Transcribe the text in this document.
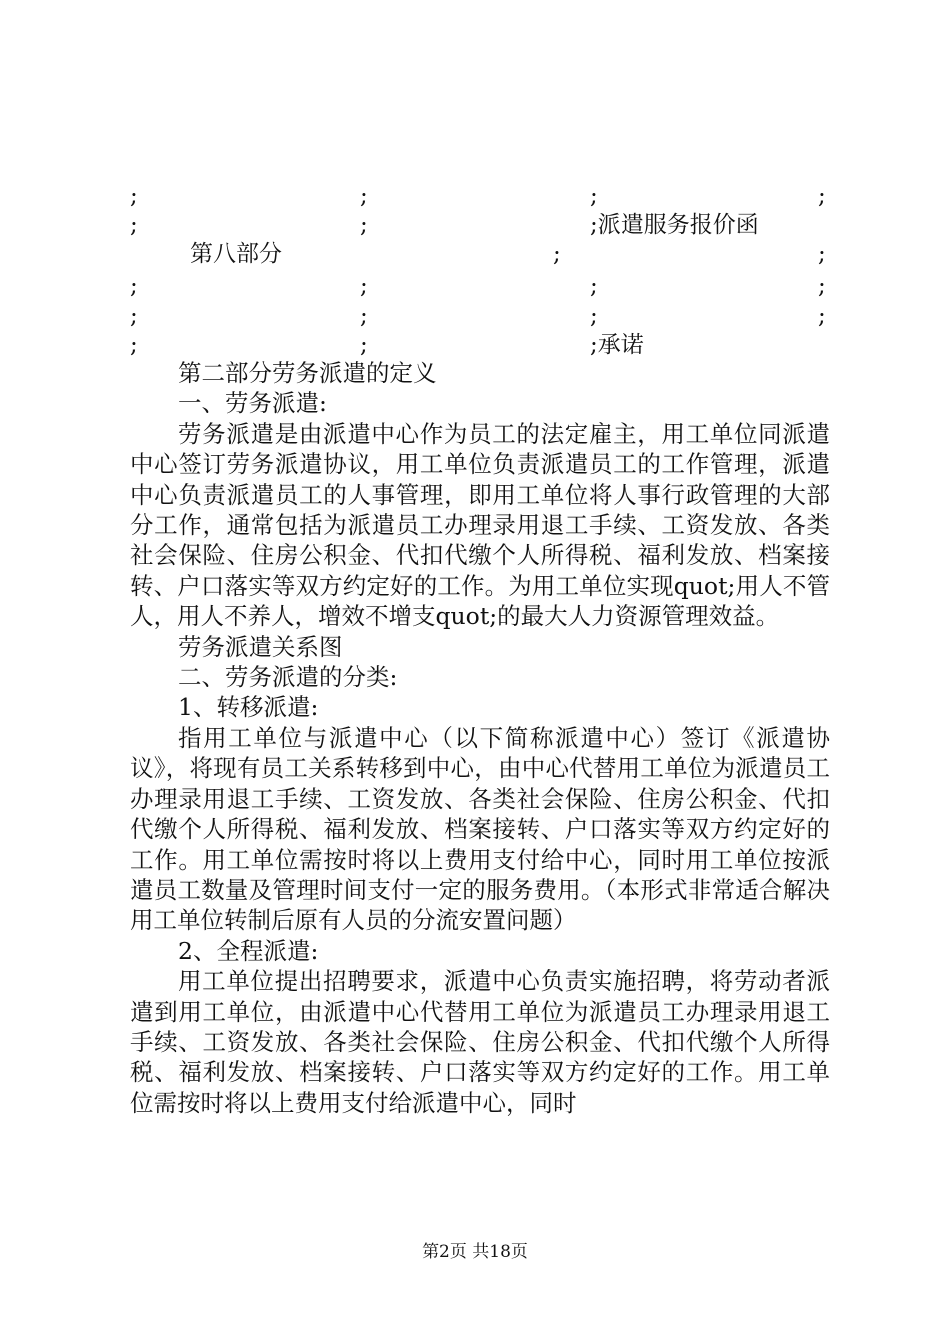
;	;	;	;
;	;	;派遣服务报价函
第八部分	;	;
;	;	;	;
;	;	;	;
;	;	;承诺

第二部分劳务派遣的定义

一、劳务派遣:

劳务派遣是由派遣中心作为员工的法定雇主，用工单位同派遣中心签订劳务派遣协议，用工单位负责派遣员工的工作管理，派遣中心负责派遣员工的人事管理，即用工单位将人事行政管理的大部分工作，通常包括为派遣员工办理录用退工手续、工资发放、各类社会保险、住房公积金、代扣代缴个人所得税、福利发放、档案接转、户口落实等双方约定好的工作。为用工单位实现quot;用人不管人，用人不养人，增效不增支quot;的最大人力资源管理效益。

劳务派遣关系图

二、劳务派遣的分类:

1、转移派遣:

指用工单位与派遣中心（以下简称派遣中心）签订《派遣协议》，将现有员工关系转移到中心，由中心代替用工单位为派遣员工办理录用退工手续、工资发放、各类社会保险、住房公积金、代扣代缴个人所得税、福利发放、档案接转、户口落实等双方约定好的工作。用工单位需按时将以上费用支付给中心，同时用工单位按派遣员工数量及管理时间支付一定的服务费用。（本形式非常适合解决用工单位转制后原有人员的分流安置问题）

2、全程派遣:

用工单位提出招聘要求，派遣中心负责实施招聘，将劳动者派遣到用工单位，由派遣中心代替用工单位为派遣员工办理录用退工手续、工资发放、各类社会保险、住房公积金、代扣代缴个人所得税、福利发放、档案接转、户口落实等双方约定好的工作。用工单位需按时将以上费用支付给派遣中心，同时

第2页 共18页
